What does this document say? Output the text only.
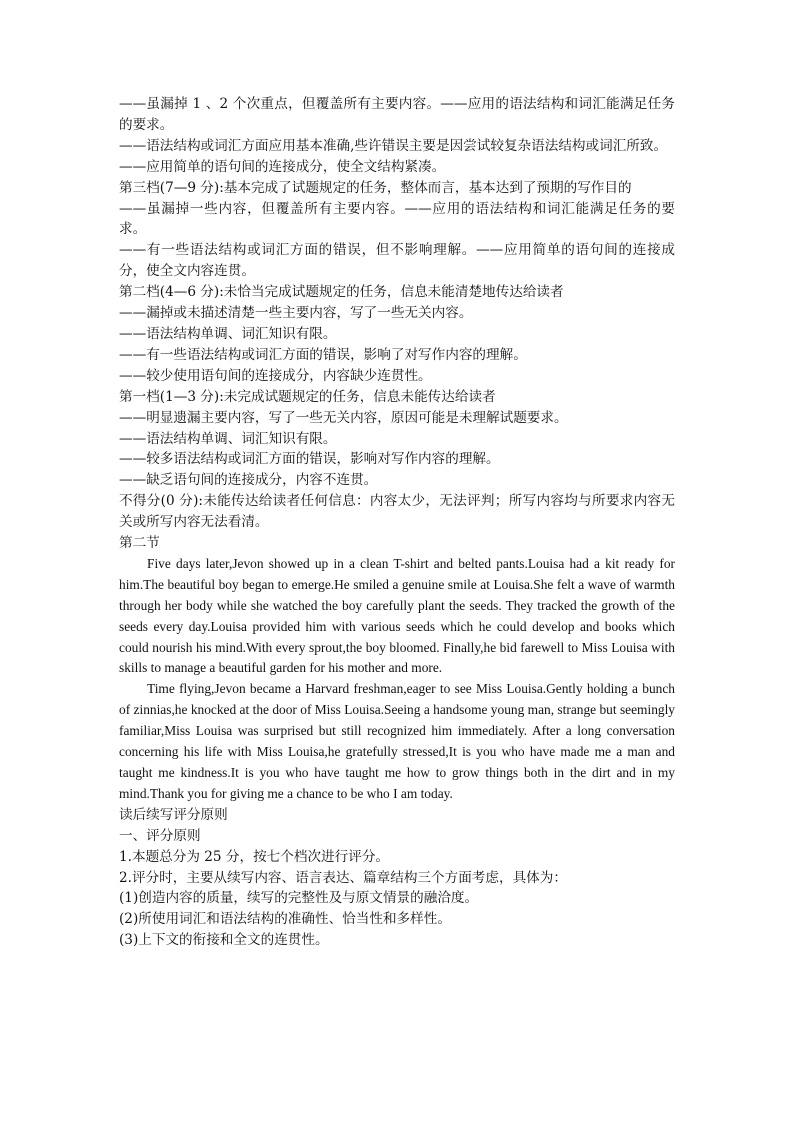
——虽漏掉 1 、2 个次重点，但覆盖所有主要内容。——应用的语法结构和词汇能满足任务的要求。

——语法结构或词汇方面应用基本准确,些许错误主要是因尝试较复杂语法结构或词汇所致。

——应用简单的语句间的连接成分，使全文结构紧凑。

第三档(7—9 分):基本完成了试题规定的任务，整体而言，基本达到了预期的写作目的

——虽漏掉一些内容，但覆盖所有主要内容。——应用的语法结构和词汇能满足任务的要求。

——有一些语法结构或词汇方面的错误，但不影响理解。——应用简单的语句间的连接成分，使全文内容连贯。

第二档(4—6 分):未恰当完成试题规定的任务，信息未能清楚地传达给读者

——漏掉或未描述清楚一些主要内容，写了一些无关内容。

——语法结构单调、词汇知识有限。

——有一些语法结构或词汇方面的错误，影响了对写作内容的理解。

——较少使用语句间的连接成分，内容缺少连贯性。

第一档(1—3 分):未完成试题规定的任务，信息未能传达给读者

——明显遗漏主要内容，写了一些无关内容，原因可能是未理解试题要求。

——语法结构单调、词汇知识有限。

——较多语法结构或词汇方面的错误，影响对写作内容的理解。

——缺乏语句间的连接成分，内容不连贯。

不得分(0 分):未能传达给读者任何信息：内容太少，无法评判；所写内容均与所要求内容无关或所写内容无法看清。

第二节

Five days later,Jevon showed up in a clean T-shirt and belted pants.Louisa had a kit ready for him.The beautiful boy began to emerge.He smiled a genuine smile at Louisa.She felt a wave of warmth through her body while she watched the boy carefully plant the seeds. They tracked the growth of the seeds every day.Louisa provided him with various seeds which he could develop and books which could nourish his mind.With every sprout,the boy bloomed. Finally,he bid farewell to Miss Louisa with skills to manage a beautiful garden for his mother and more.

Time flying,Jevon became a Harvard freshman,eager to see Miss Louisa.Gently holding a bunch of zinnias,he knocked at the door of Miss Louisa.Seeing a handsome young man, strange but seemingly familiar,Miss Louisa was surprised but still recognized him immediately. After a long conversation concerning his life with Miss Louisa,he gratefully stressed,It is you who have made me a man and taught me kindness.It is you who have taught me how to grow things both in the dirt and in my mind.Thank you for giving me a chance to be who I am today.

读后续写评分原则

一、评分原则

1.本题总分为 25 分，按七个档次进行评分。

2.评分时，主要从续写内容、语言表达、篇章结构三个方面考虑，具体为：

(1)创造内容的质量，续写的完整性及与原文情景的融洽度。

(2)所使用词汇和语法结构的准确性、恰当性和多样性。

(3)上下文的衔接和全文的连贯性。
